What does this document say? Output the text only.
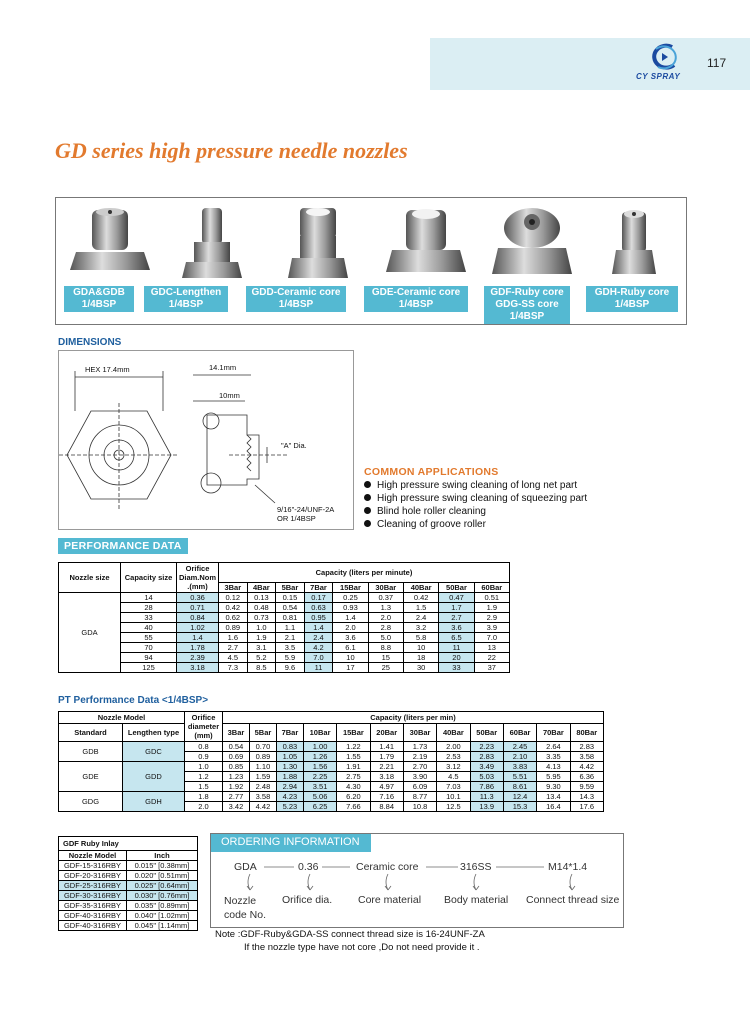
CY SPRAY
117
GD series high pressure needle nozzles
GDA&GDB
1/4BSP
GDC-Lengthen
1/4BSP
GDD-Ceramic core
1/4BSP
GDE-Ceramic core
1/4BSP
GDF-Ruby core
GDG-SS core
1/4BSP
GDH-Ruby core
1/4BSP
DIMENSIONS
HEX 17.4mm	14.1mm
10mm
"A" Dia.
9/16"-24/UNF-2A
OR 1/4BSP
COMMON APPLICATIONS
High pressure swing cleaning of long net part
High pressure swing cleaning of squeezing part
Blind hole roller cleaning
Cleaning of groove roller
PERFORMANCE DATA
Nozzle size	Capacity size	Orifice
Diam.Nom
.(mm)	Capacity (liters per minute)								
			3Bar	4Bar	5Bar	7Bar	15Bar	30Bar	40Bar	50Bar	60Bar
GDA	14	0.36	0.12	0.13	0.15	0.17	0.25	0.37	0.42	0.47	0.51
	28	0.71	0.42	0.48	0.54	0.63	0.93	1.3	1.5	1.7	1.9
	33	0.84	0.62	0.73	0.81	0.95	1.4	2.0	2.4	2.7	2.9
	40	1.02	0.89	1.0	1.1	1.4	2.0	2.8	3.2	3.6	3.9
	55	1.4	1.6	1.9	2.1	2.4	3.6	5.0	5.8	6.5	7.0
	70	1.78	2.7	3.1	3.5	4.2	6.1	8.8	10	11	13
	94	2.39	4.5	5.2	5.9	7.0	10	15	18	20	22
	125	3.18	7.3	8.5	9.6	11	17	25	30	33	37
PT Performance Data <1/4BSP>
Nozzle Model		Orifice
diameter
(mm)	Capacity (liters per min)											
Standard	Lengthen type		3Bar	5Bar	7Bar	10Bar	15Bar	20Bar	30Bar	40Bar	50Bar	60Bar	70Bar	80Bar
GDB	GDC	0.8	0.54	0.70	0.83	1.00	1.22	1.41	1.73	2.00	2.23	2.45	2.64	2.83
		0.9	0.69	0.89	1.05	1.26	1.55	1.79	2.19	2.53	2.83	2.10	3.35	3.58
GDE	GDD	1.0	0.85	1.10	1.30	1.56	1.91	2.21	2.70	3.12	3.49	3.83	4.13	4.42
		1.2	1.23	1.59	1.88	2.25	2.75	3.18	3.90	4.5	5.03	5.51	5.95	6.36
		1.5	1.92	2.48	2.94	3.51	4.30	4.97	6.09	7.03	7.86	8.61	9.30	9.59
GDG	GDH	1.8	2.77	3.58	4.23	5.06	6.20	7.16	8.77	10.1	11.3	12.4	13.4	14.3
		2.0	3.42	4.42	5.23	6.25	7.66	8.84	10.8	12.5	13.9	15.3	16.4	17.6
GDF Ruby Inlay	
Nozzle Model	Inch
GDF-15-316RBY	0.015" [0.38mm]
GDF-20-316RBY	0.020" [0.51mm]
GDF-25-316RBY	0.025" [0.64mm]
GDF-30-316RBY	0.030" [0.76mm]
GDF-35-316RBY	0.035" [0.89mm]
GDF-40-316RBY	0.040" [1.02mm]
GDF-40-316RBY	0.045" [1.14mm]
ORDERING INFORMATION
GDA	0.36	Ceramic core	316SS	M14*1.4
Nozzle
code No.
Orifice dia. Core material Body material Connect thread size
Note :GDF-Ruby&GDA-SS connect thread size is 16-24UNF-ZA
If the nozzle type have not core ,Do not need provide it .
